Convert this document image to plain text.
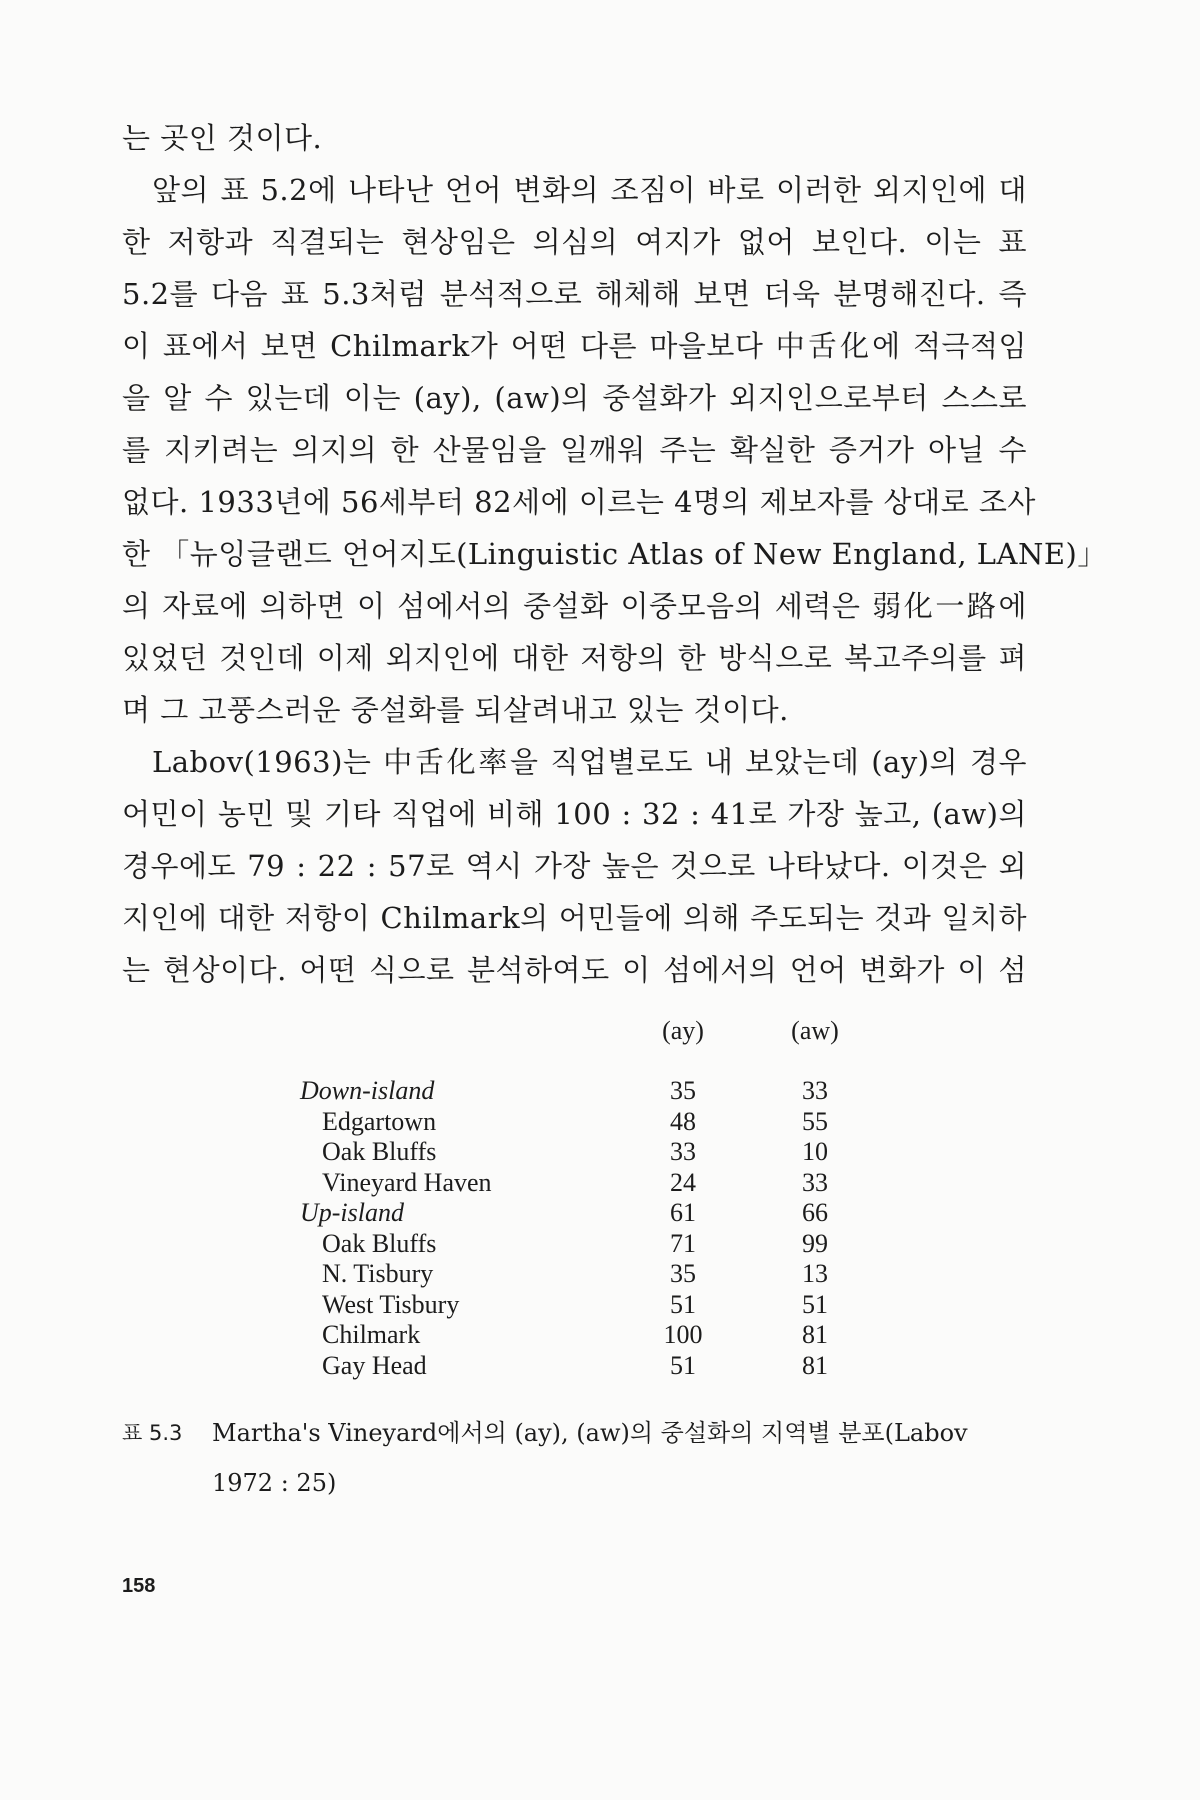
는 곳인 것이다.
앞의 표 5.2에 나타난 언어 변화의 조짐이 바로 이러한 외지인에 대
한 저항과 직결되는 현상임은 의심의 여지가 없어 보인다. 이는 표
5.2를 다음 표 5.3처럼 분석적으로 해체해 보면 더욱 분명해진다. 즉
이 표에서 보면 Chilmark가 어떤 다른 마을보다 中舌化에 적극적임
을 알 수 있는데 이는 (ay), (aw)의 중설화가 외지인으로부터 스스로
를 지키려는 의지의 한 산물임을 일깨워 주는 확실한 증거가 아닐 수
없다. 1933년에 56세부터 82세에 이르는 4명의 제보자를 상대로 조사
한 「뉴잉글랜드 언어지도(Linguistic Atlas of New England, LANE)」
의 자료에 의하면 이 섬에서의 중설화 이중모음의 세력은 弱化一路에
있었던 것인데 이제 외지인에 대한 저항의 한 방식으로 복고주의를 펴
며 그 고풍스러운 중설화를 되살려내고 있는 것이다.
Labov(1963)는 中舌化率을 직업별로도 내 보았는데 (ay)의 경우
어민이 농민 및 기타 직업에 비해 100 : 32 : 41로 가장 높고, (aw)의
경우에도 79 : 22 : 57로 역시 가장 높은 것으로 나타났다. 이것은 외
지인에 대한 저항이 Chilmark의 어민들에 의해 주도되는 것과 일치하
는 현상이다. 어떤 식으로 분석하여도 이 섬에서의 언어 변화가 이 섬
(ay)	(aw)
Down-island	35	33
Edgartown	48	55
Oak Bluffs	33	10
Vineyard Haven	24	33
Up-island	61	66
Oak Bluffs	71	99
N. Tisbury	35	13
West Tisbury	51	51
Chilmark	100	81
Gay Head	51	81
표 5.3 Martha's Vineyard에서의 (ay), (aw)의 중설화의 지역별 분포(Labov
1972 : 25)
158
